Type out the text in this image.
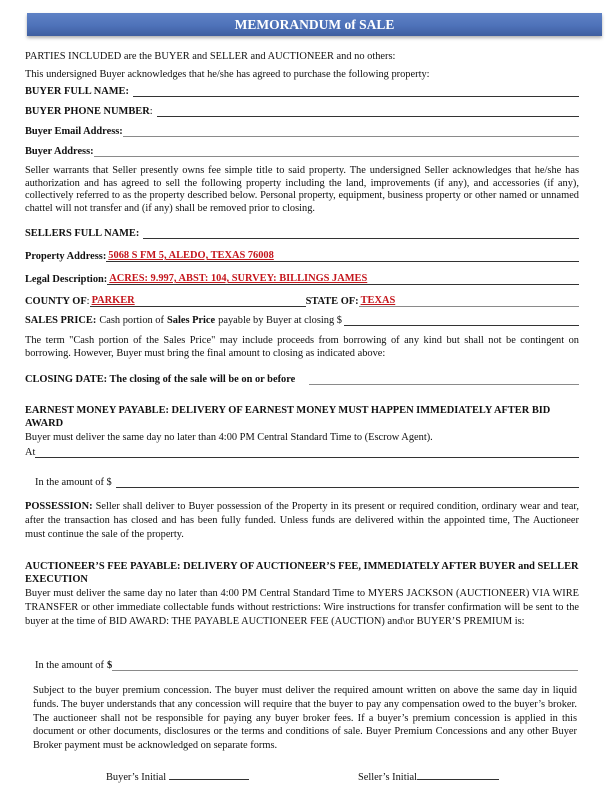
MEMORANDUM of SALE
PARTIES INCLUDED are the BUYER and SELLER and AUCTIONEER and no others:
This undersigned Buyer acknowledges that he/she has agreed to purchase the following property:
BUYER FULL NAME:
BUYER PHONE NUMBER :
Buyer Email Address:
Buyer Address:
Seller warrants that Seller presently owns fee simple title to said property. The undersigned Seller acknowledges that he/she has authorization and has agreed to sell the following property including the land, improvements (if any), and accessories (if any), collectively referred to as the property described below. Personal property, equipment, business property or other named or unnamed chattel will not transfer and (if any) shall be removed prior to closing.
SELLERS FULL NAME:
Property Address: 5068 S FM 5, ALEDO, TEXAS 76008
Legal Description: ACRES: 9.997, ABST: 104, SURVEY: BILLINGS JAMES
COUNTY OF : PARKER	STATE OF: TEXAS
SALES PRICE: Cash portion of Sales Price payable by Buyer at closing $
The term "Cash portion of the Sales Price" may include proceeds from borrowing of any kind but shall not be contingent on borrowing. However, Buyer must bring the final amount to closing as indicated above:
CLOSING DATE: The closing of the sale will be on or before
EARNEST MONEY PAYABLE: DELIVERY OF EARNEST MONEY MUST HAPPEN IMMEDIATELY AFTER BID AWARD
Buyer must deliver the same day no later than 4:00 PM Central Standard Time to (Escrow Agent).
At
In the amount of $
POSSESSION: Seller shall deliver to Buyer possession of the Property in its present or required condition, ordinary wear and tear, after the transaction has closed and has been fully funded. Unless funds are delivered within the appointed time, The Auctioneer must continue the sale of the property.
AUCTIONEER’S FEE PAYABLE: DELIVERY OF AUCTIONEER’S FEE, IMMEDIATELY AFTER BUYER and SELLER EXECUTION
Buyer must deliver the same day no later than 4:00 PM Central Standard Time to MYERS JACKSON (AUCTIONEER) VIA WIRE TRANSFER or other immediate collectable funds without restrictions: Wire instructions for transfer confirmation will be sent to the buyer at the time of BID AWARD: THE PAYABLE AUCTIONEER FEE (AUCTION) and\or BUYER’S PREMIUM is:
In the amount of $
Subject to the buyer premium concession. The buyer must deliver the required amount written on above the same day in liquid funds. The buyer understands that any concession will require that the buyer to pay any compensation owed to the buyer’s broker. The auctioneer shall not be responsible for paying any buyer broker fees. If a buyer’s premium concession is applied in this document or other documents, disclosures or the terms and conditions of sale. Buyer Premium Concessions and any other Buyer Broker payment must be acknowledged on separate forms.
Buyer’s Initial	Seller’s Initial
